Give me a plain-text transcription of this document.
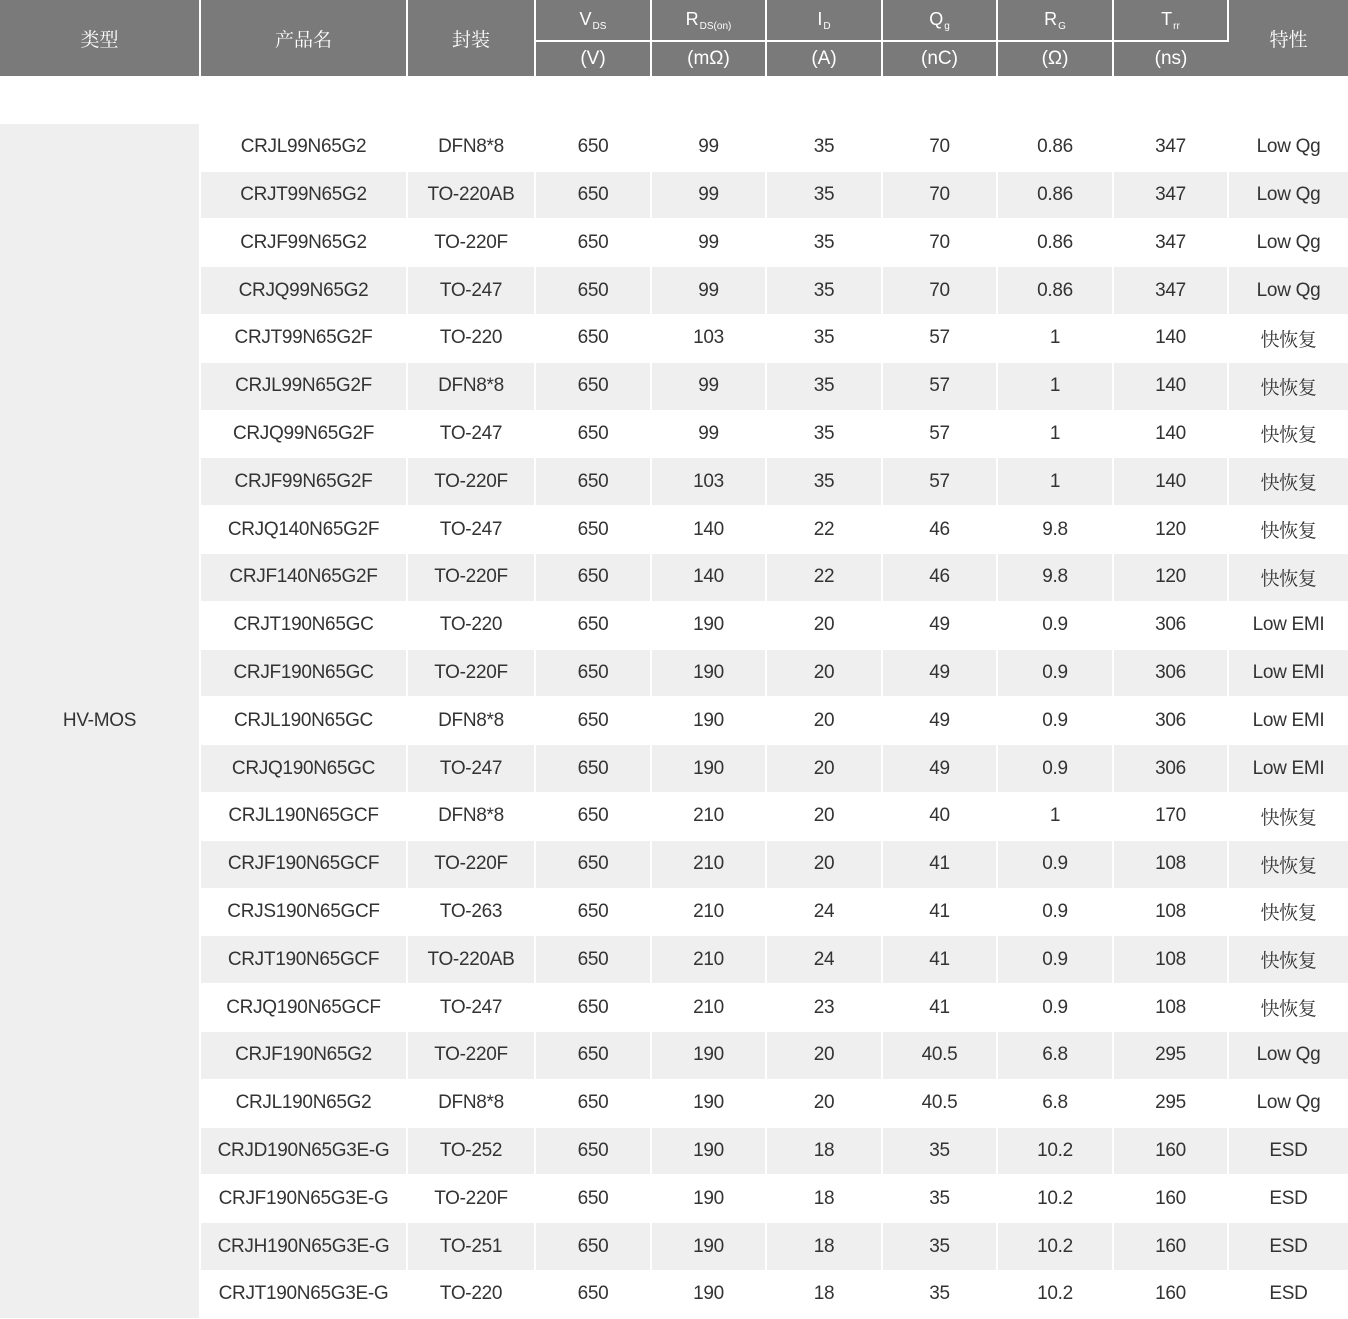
类型	产品名	封装	$V_{DS}$	$R_{DS(on)}$	$I_D$	$Q_g$	$R_G$	$T_{rr}$	特性
			(V)	(mΩ)	(A)	(nC)	(Ω)	(ns)	

HV-MOS	CRJL99N65G2	DFN8*8	650	99	35	70	0.86	347	Low Qg
	CRJT99N65G2	TO-220AB	650	99	35	70	0.86	347	Low Qg
	CRJF99N65G2	TO-220F	650	99	35	70	0.86	347	Low Qg
	CRJQ99N65G2	TO-247	650	99	35	70	0.86	347	Low Qg
	CRJT99N65G2F	TO-220	650	103	35	57	1	140	快恢复
	CRJL99N65G2F	DFN8*8	650	99	35	57	1	140	快恢复
	CRJQ99N65G2F	TO-247	650	99	35	57	1	140	快恢复
	CRJF99N65G2F	TO-220F	650	103	35	57	1	140	快恢复
	CRJQ140N65G2F	TO-247	650	140	22	46	9.8	120	快恢复
	CRJF140N65G2F	TO-220F	650	140	22	46	9.8	120	快恢复
	CRJT190N65GC	TO-220	650	190	20	49	0.9	306	Low EMI
	CRJF190N65GC	TO-220F	650	190	20	49	0.9	306	Low EMI
	CRJL190N65GC	DFN8*8	650	190	20	49	0.9	306	Low EMI
	CRJQ190N65GC	TO-247	650	190	20	49	0.9	306	Low EMI
	CRJL190N65GCF	DFN8*8	650	210	20	40	1	170	快恢复
	CRJF190N65GCF	TO-220F	650	210	20	41	0.9	108	快恢复
	CRJS190N65GCF	TO-263	650	210	24	41	0.9	108	快恢复
	CRJT190N65GCF	TO-220AB	650	210	24	41	0.9	108	快恢复
	CRJQ190N65GCF	TO-247	650	210	23	41	0.9	108	快恢复
	CRJF190N65G2	TO-220F	650	190	20	40.5	6.8	295	Low Qg
	CRJL190N65G2	DFN8*8	650	190	20	40.5	6.8	295	Low Qg
	CRJD190N65G3E-G	TO-252	650	190	18	35	10.2	160	ESD
	CRJF190N65G3E-G	TO-220F	650	190	18	35	10.2	160	ESD
	CRJH190N65G3E-G	TO-251	650	190	18	35	10.2	160	ESD
	CRJT190N65G3E-G	TO-220	650	190	18	35	10.2	160	ESD
